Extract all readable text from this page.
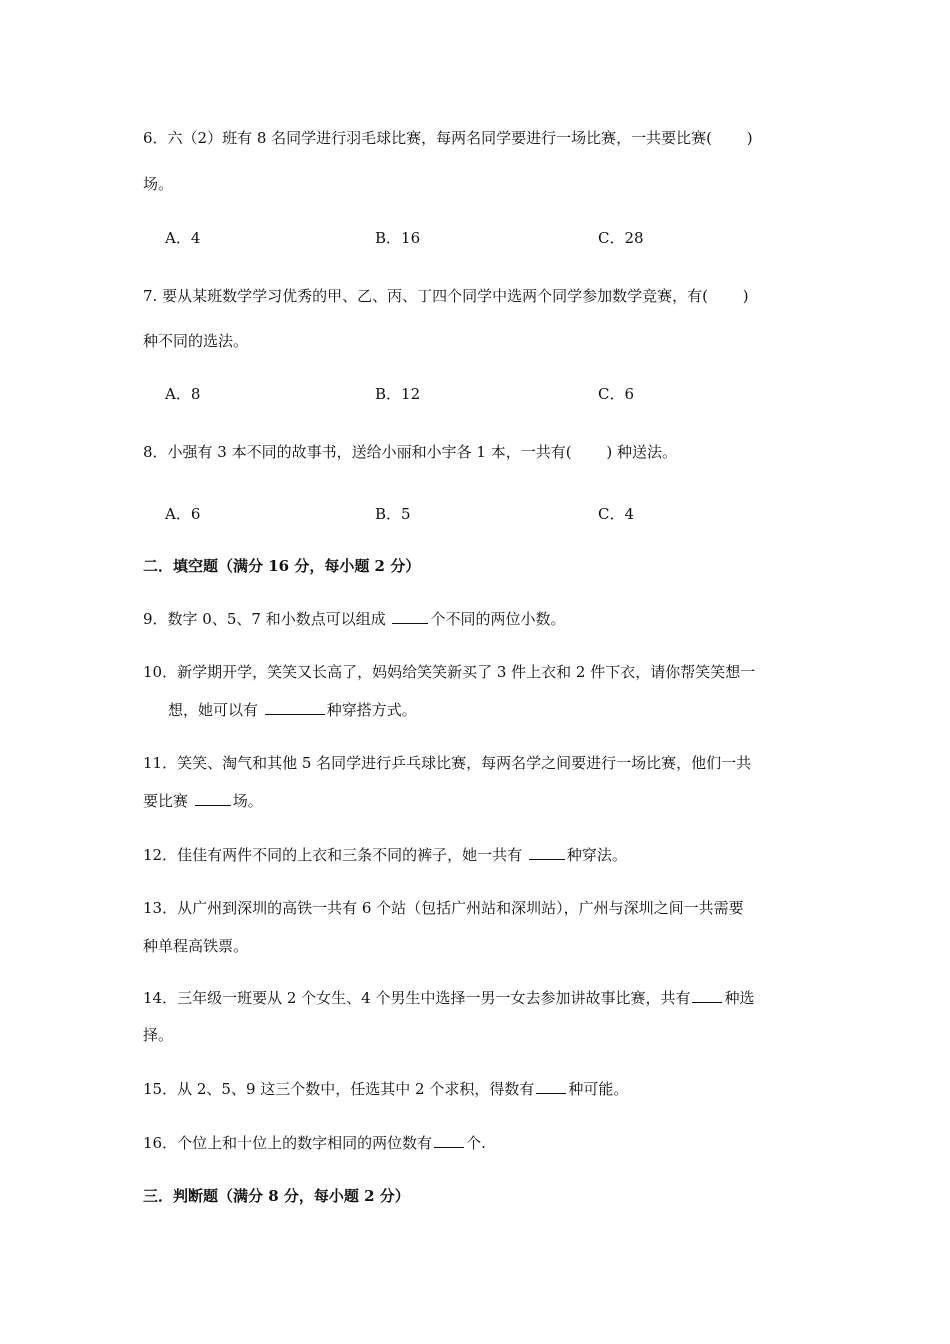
6．六（2）班有 8 名同学进行羽毛球比赛，每两名同学要进行一场比赛，一共要比赛(　　 )
场。
A．4	B．16	C．28
7. 要从某班数学学习优秀的甲、乙、丙、丁四个同学中选两个同学参加数学竞赛，有(　　 )
种不同的选法。
A．8	B．12	C．6
8．小强有 3 本不同的故事书，送给小丽和小宇各 1 本，一共有(　　 ) 种送法。
A．6	B．5	C．4
二．填空题（满分 16 分，每小题 2 分）
9．数字 0、5、7 和小数点可以组成	个不同的两位小数。
10．新学期开学，笑笑又长高了，妈妈给笑笑新买了 3 件上衣和 2 件下衣，请你帮笑笑想一
想，她可以有	种穿搭方式。
11．笑笑、淘气和其他 5 名同学进行乒乓球比赛，每两名学之间要进行一场比赛，他们一共
要比赛	场。
12．佳佳有两件不同的上衣和三条不同的裤子，她一共有	种穿法。
13．从广州到深圳的高铁一共有 6 个站（包括广州站和深圳站），广州与深圳之间一共需要
种单程高铁票。
14．三年级一班要从 2 个女生、4 个男生中选择一男一女去参加讲故事比赛，共有 种选
择。
15．从 2、5、9 这三个数中，任选其中 2 个求积，得数有 种可能。
16．个位上和十位上的数字相同的两位数有 个.
三．判断题（满分 8 分，每小题 2 分）
